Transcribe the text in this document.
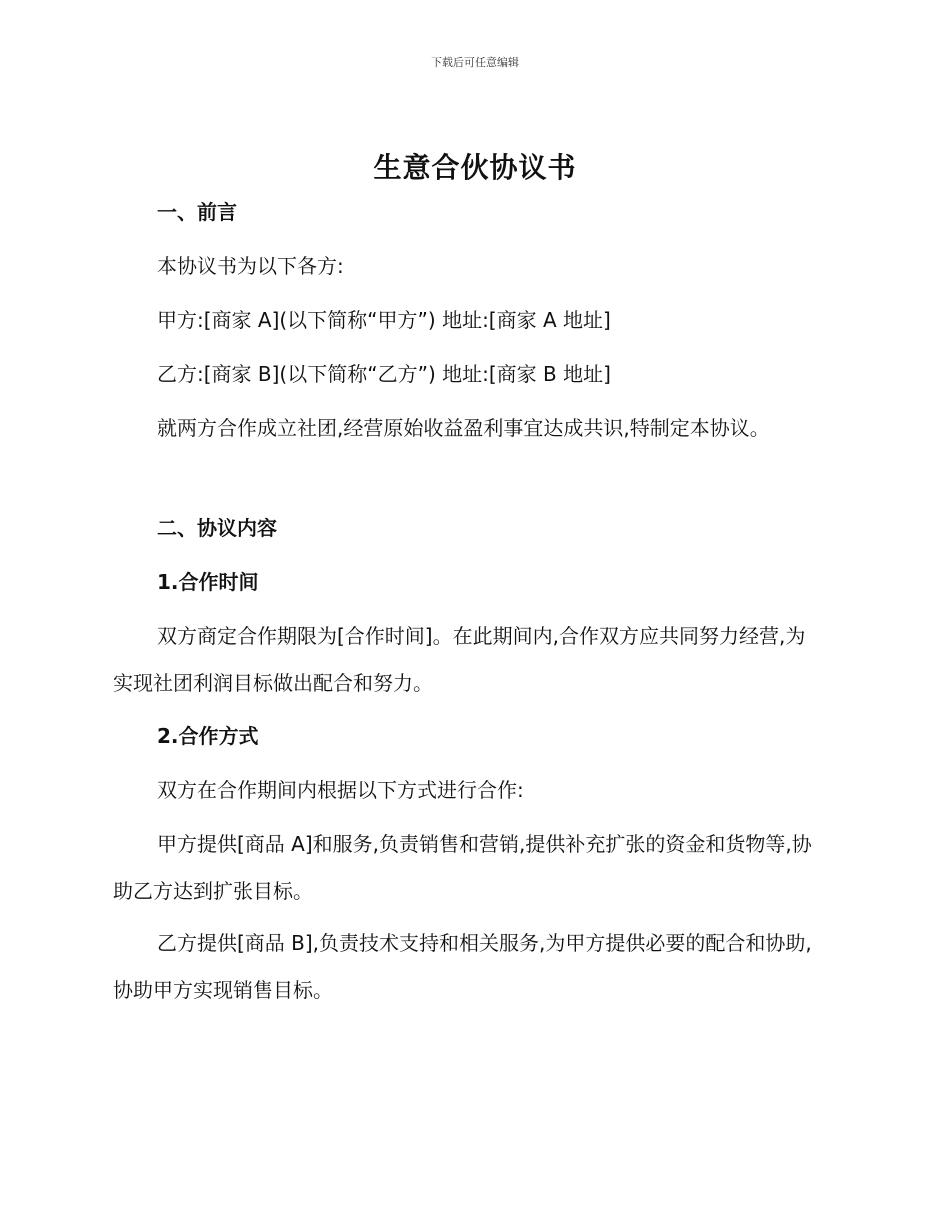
下载后可任意编辑
生意合伙协议书
一、前言
本协议书为以下各方:
甲方:[商家 A](以下简称“甲方”) 地址:[商家 A 地址]
乙方:[商家 B](以下简称“乙方”) 地址:[商家 B 地址]
就两方合作成立社团,经营原始收益盈利事宜达成共识,特制定本协议。
二、协议内容
1.合作时间
双方商定合作期限为[合作时间]。在此期间内,合作双方应共同努力经营,为实现社团利润目标做出配合和努力。
2.合作方式
双方在合作期间内根据以下方式进行合作:
甲方提供[商品 A]和服务,负责销售和营销,提供补充扩张的资金和货物等,协助乙方达到扩张目标。
乙方提供[商品 B],负责技术支持和相关服务,为甲方提供必要的配合和协助,协助甲方实现销售目标。
